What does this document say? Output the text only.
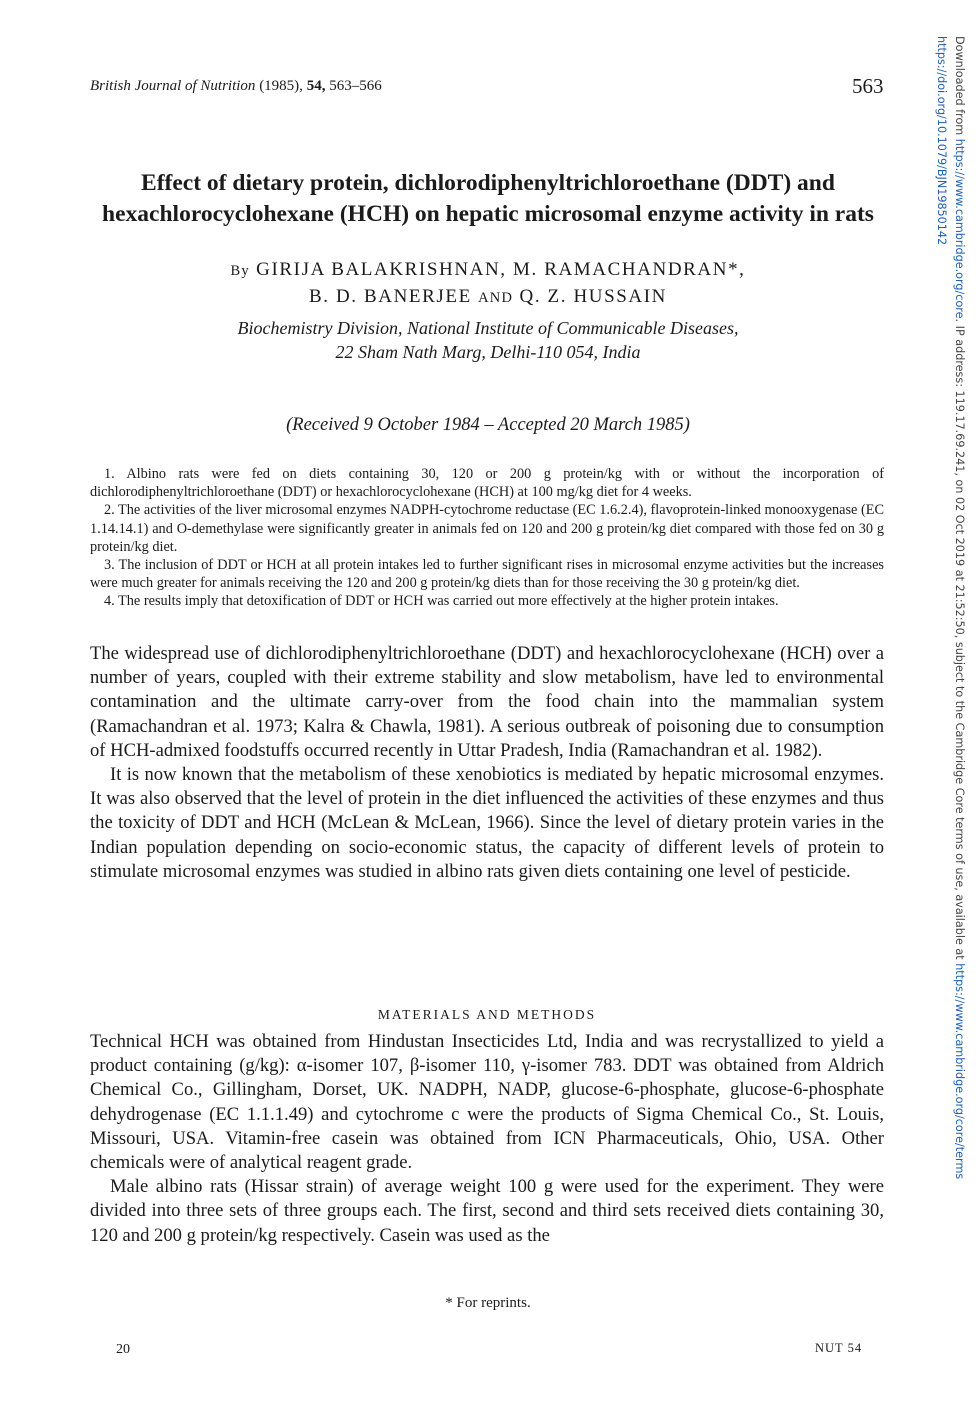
British Journal of Nutrition (1985), 54, 563–566	563
Effect of dietary protein, dichlorodiphenyltrichloroethane (DDT) and hexachlorocyclohexane (HCH) on hepatic microsomal enzyme activity in rats
By GIRIJA BALAKRISHNAN, M. RAMACHANDRAN*,
B. D. BANERJEE AND Q. Z. HUSSAIN
Biochemistry Division, National Institute of Communicable Diseases,
22 Sham Nath Marg, Delhi-110 054, India
(Received 9 October 1984 – Accepted 20 March 1985)

1. Albino rats were fed on diets containing 30, 120 or 200 g protein/kg with or without the incorporation of dichlorodiphenyltrichloroethane (DDT) or hexachlorocyclohexane (HCH) at 100 mg/kg diet for 4 weeks.

2. The activities of the liver microsomal enzymes NADPH-cytochrome reductase (EC 1.6.2.4), flavoprotein-linked monooxygenase (EC 1.14.14.1) and O-demethylase were significantly greater in animals fed on 120 and 200 g protein/kg diet compared with those fed on 30 g protein/kg diet.

3. The inclusion of DDT or HCH at all protein intakes led to further significant rises in microsomal enzyme activities but the increases were much greater for animals receiving the 120 and 200 g protein/kg diets than for those receiving the 30 g protein/kg diet.

4. The results imply that detoxification of DDT or HCH was carried out more effectively at the higher protein intakes.

The widespread use of dichlorodiphenyltrichloroethane (DDT) and hexachlorocyclohexane (HCH) over a number of years, coupled with their extreme stability and slow metabolism, have led to environmental contamination and the ultimate carry-over from the food chain into the mammalian system (Ramachandran et al. 1973; Kalra & Chawla, 1981). A serious outbreak of poisoning due to consumption of HCH-admixed foodstuffs occurred recently in Uttar Pradesh, India (Ramachandran et al. 1982).

It is now known that the metabolism of these xenobiotics is mediated by hepatic microsomal enzymes. It was also observed that the level of protein in the diet influenced the activities of these enzymes and thus the toxicity of DDT and HCH (McLean & McLean, 1966). Since the level of dietary protein varies in the Indian population depending on socio-economic status, the capacity of different levels of protein to stimulate microsomal enzymes was studied in albino rats given diets containing one level of pesticide.

MATERIALS AND METHODS

Technical HCH was obtained from Hindustan Insecticides Ltd, India and was recrystallized to yield a product containing (g/kg): α-isomer 107, β-isomer 110, γ-isomer 783. DDT was obtained from Aldrich Chemical Co., Gillingham, Dorset, UK. NADPH, NADP, glucose-6-phosphate, glucose-6-phosphate dehydrogenase (EC 1.1.1.49) and cytochrome c were the products of Sigma Chemical Co., St. Louis, Missouri, USA. Vitamin-free casein was obtained from ICN Pharmaceuticals, Ohio, USA. Other chemicals were of analytical reagent grade.

Male albino rats (Hissar strain) of average weight 100 g were used for the experiment. They were divided into three sets of three groups each. The first, second and third sets received diets containing 30, 120 and 200 g protein/kg respectively. Casein was used as the

* For reprints.
20	NUT 54
Downloaded from https://www.cambridge.org/core. IP address: 119.17.69.241, on 02 Oct 2019 at 21:52:50, subject to the Cambridge Core terms of use, available at https://www.cambridge.org/core/terms
https://doi.org/10.1079/BJN19850142
